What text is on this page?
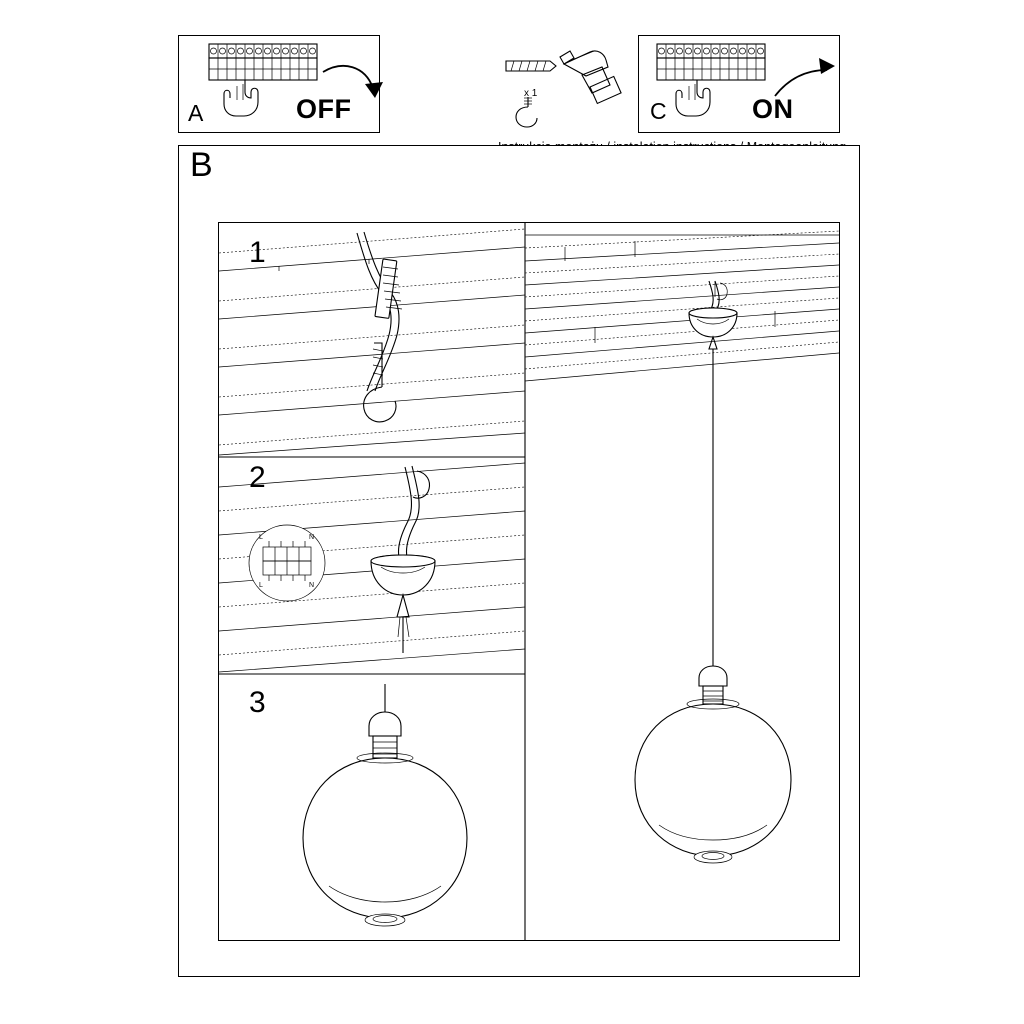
A	OFF
x 1
C	ON
B
L	N
L	N
1
2
3
